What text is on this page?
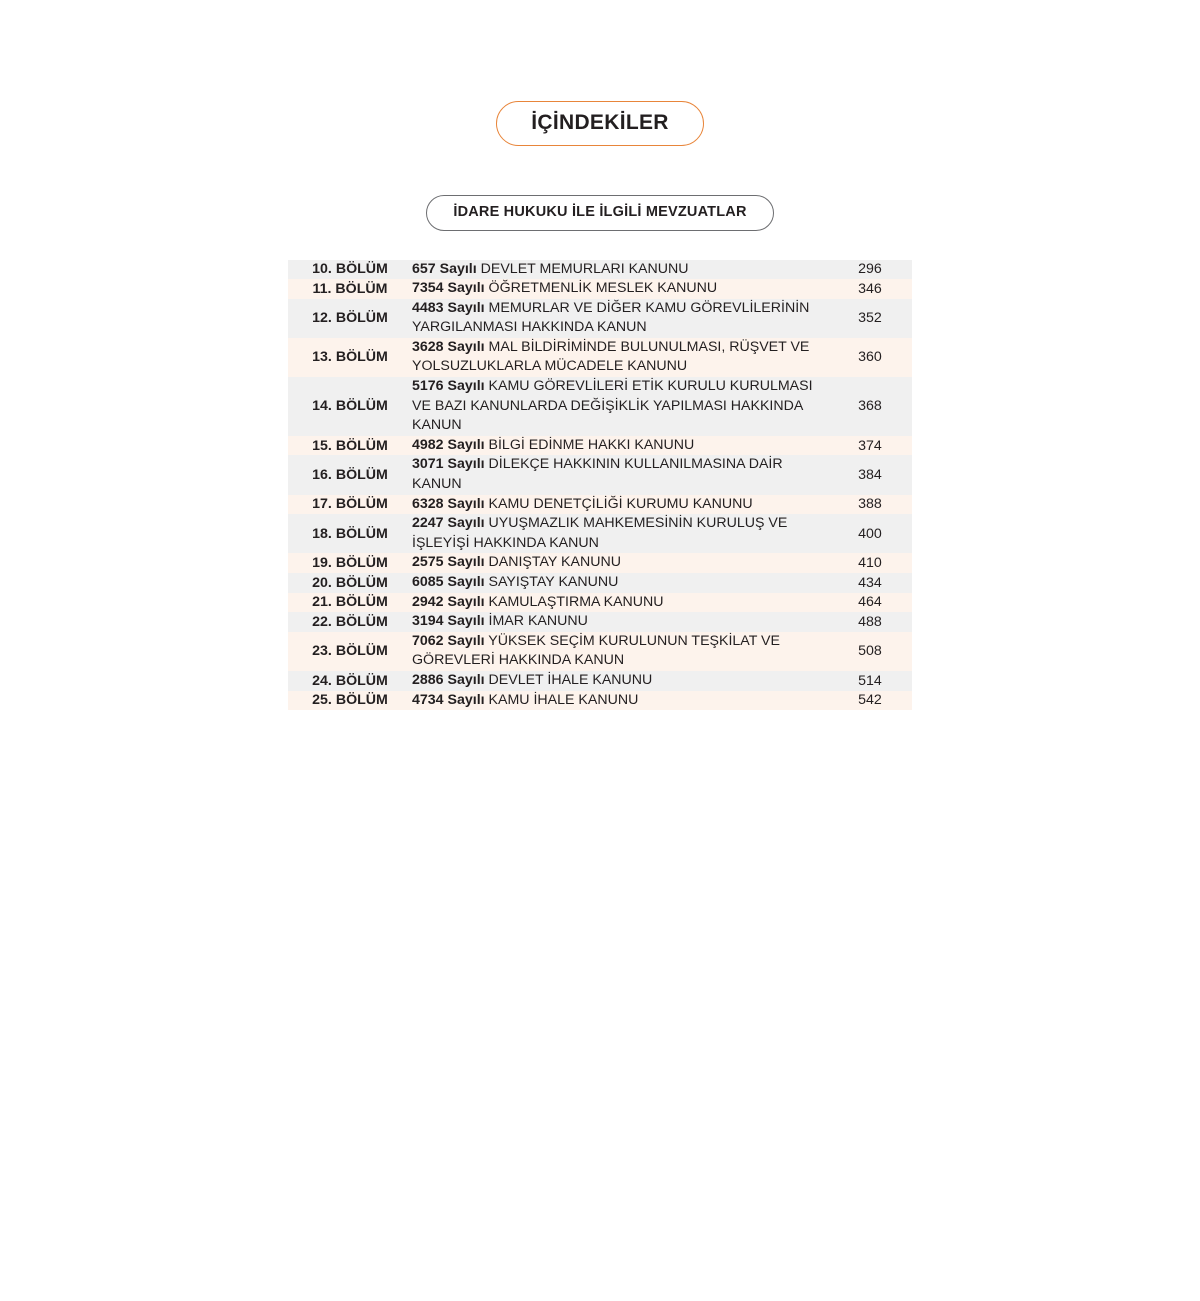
İÇİNDEKİLER
İDARE HUKUKU İLE İLGİLİ MEVZUATLAR
10. BÖLÜM	657 Sayılı DEVLET MEMURLARI KANUNU	296
11. BÖLÜM	7354 Sayılı ÖĞRETMENLİK MESLEK KANUNU	346
12. BÖLÜM	4483 Sayılı MEMURLAR VE DİĞER KAMU GÖREVLİLERİNİN YARGILANMASI HAKKINDA KANUN	352
13. BÖLÜM	3628 Sayılı MAL BİLDİRİMİNDE BULUNULMASI, RÜŞVET VE YOLSUZLUKLARLA MÜCADELE KANUNU	360
14. BÖLÜM	5176 Sayılı KAMU GÖREVLİLERİ ETİK KURULU KURULMASI VE BAZI KANUNLARDA DEĞİŞİKLİK YAPILMASI HAKKINDA KANUN	368
15. BÖLÜM	4982 Sayılı BİLGİ EDİNME HAKKI KANUNU	374
16. BÖLÜM	3071 Sayılı DİLEKÇE HAKKININ KULLANILMASINA DAİR KANUN	384
17. BÖLÜM	6328 Sayılı KAMU DENETÇİLİĞİ KURUMU KANUNU	388
18. BÖLÜM	2247 Sayılı UYUŞMAZLIK MAHKEMESİNİN KURULUŞ VE İŞLEYİŞİ HAKKINDA KANUN	400
19. BÖLÜM	2575 Sayılı DANIŞTAY KANUNU	410
20. BÖLÜM	6085 Sayılı SAYIŞTAY KANUNU	434
21. BÖLÜM	2942 Sayılı KAMULAŞTIRMA KANUNU	464
22. BÖLÜM	3194 Sayılı İMAR KANUNU	488
23. BÖLÜM	7062 Sayılı YÜKSEK SEÇİM KURULUNUN TEŞKİLAT VE GÖREVLERİ HAKKINDA KANUN	508
24. BÖLÜM	2886 Sayılı DEVLET İHALE KANUNU	514
25. BÖLÜM	4734 Sayılı KAMU İHALE KANUNU	542
